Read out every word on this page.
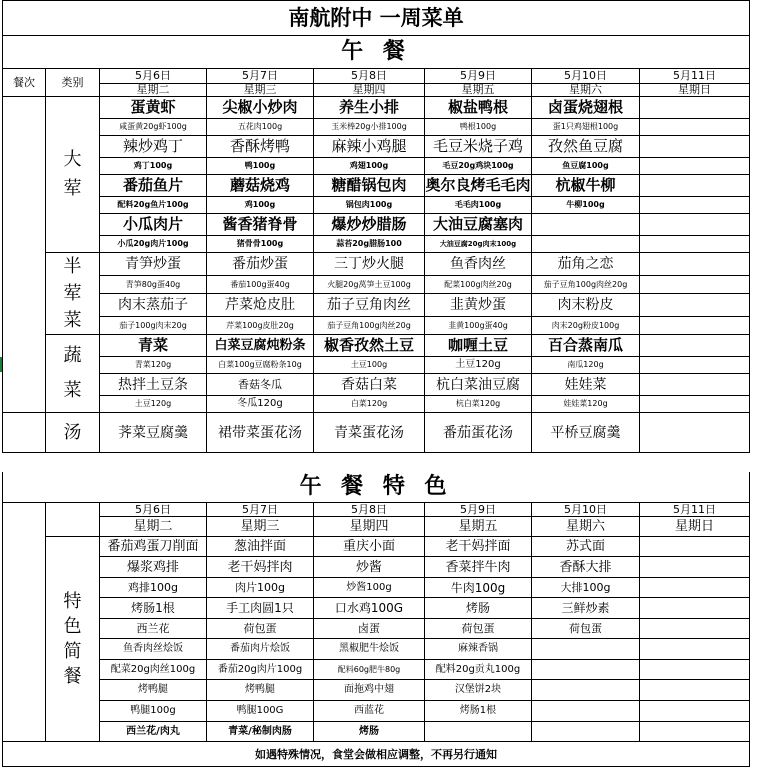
南航附中 一周菜单							
午 餐							
餐次	类别	5月6日	5月7日	5月8日	5月9日	5月10日	5月11日
		星期二	星期三	星期四	星期五	星期六	星期日
	大荤	蛋黄虾	尖椒小炒肉	养生小排	椒盐鸭根	卤蛋烧翅根	
		咸蛋黄20g虾100g	五花肉100g	玉米棒20g小排100g	鸭根100g	蛋1只鸡翅根100g	
		辣炒鸡丁	香酥烤鸭	麻辣小鸡腿	毛豆米烧子鸡	孜然鱼豆腐	
		鸡丁100g	鸭100g	鸡翅100g	毛豆20g鸡块100g	鱼豆腐100g	
		番茄鱼片	蘑菇烧鸡	糖醋锅包肉	奥尔良烤毛毛肉	杭椒牛柳	
		配料20g鱼片100g	鸡100g	锅包肉100g	毛毛肉100g	牛柳100g	
		小瓜肉片	酱香猪脊骨	爆炒炒腊肠	大油豆腐塞肉		
		小瓜20g肉片100g	猪骨骨100g	蒜苔20g腊肠100	大油豆腐20g肉末100g		
	半荤菜	青笋炒蛋	番茄炒蛋	三丁炒火腿	鱼香肉丝	茄角之恋	
		青笋80g蛋40g	番茄100g蛋40g	火腿20g莴笋土豆100g	配菜100g肉丝20g	茄子豆角100g肉丝20g	
		肉末蒸茄子	芹菜炝皮肚	茄子豆角肉丝	韭黄炒蛋	肉末粉皮	
		茄子100g肉末20g	芹菜100g皮肚20g	茄子豆角100g肉丝20g	韭黄100g蛋40g	肉末20g粉皮100g	
	蔬菜	青菜	白菜豆腐炖粉条	椒香孜然土豆	咖喱土豆	百合蒸南瓜	
		青菜120g	白菜100g豆腐粉条10g	土豆100g	土豆120g	南瓜120g	
		热拌土豆条	香菇冬瓜	香菇白菜	杭白菜油豆腐	娃娃菜	
		土豆120g	冬瓜120g	白菜120g	杭白菜120g	娃娃菜120g	
	汤	荠菜豆腐羹	裙带菜蛋花汤	青菜蛋花汤	番茄蛋花汤	平桥豆腐羹	
午 餐 特 色							
		5月6日	5月7日	5月8日	5月9日	5月10日	5月11日
		星期二	星期三	星期四	星期五	星期六	星期日
	特色简餐	番茄鸡蛋刀削面	葱油拌面	重庆小面	老干妈拌面	苏式面	
		爆浆鸡排	老干妈拌肉	炒酱	香菜拌牛肉	香酥大排	
		鸡排100g	肉片100g	炒酱100g	牛肉100g	大排100g	
		烤肠1根	手工肉圆1只	口水鸡100G	烤肠	三鲜炒素	
		西兰花	荷包蛋	卤蛋	荷包蛋	荷包蛋	
		鱼香肉丝烩饭	番茄肉片烩饭	黑椒肥牛烩饭	麻辣香锅		
		配菜20g肉丝100g	番茄20g肉片100g	配料60g肥牛80g	配料20g贡丸100g		
		烤鸭腿	烤鸭腿	面拖鸡中翅	汉堡饼2块		
		鸭腿100g	鸭腿100G	西蓝花	烤肠1根		
		西兰花/肉丸	青菜/秘制肉肠	烤肠			
如遇特殊情况，食堂会做相应调整，不再另行通知							
